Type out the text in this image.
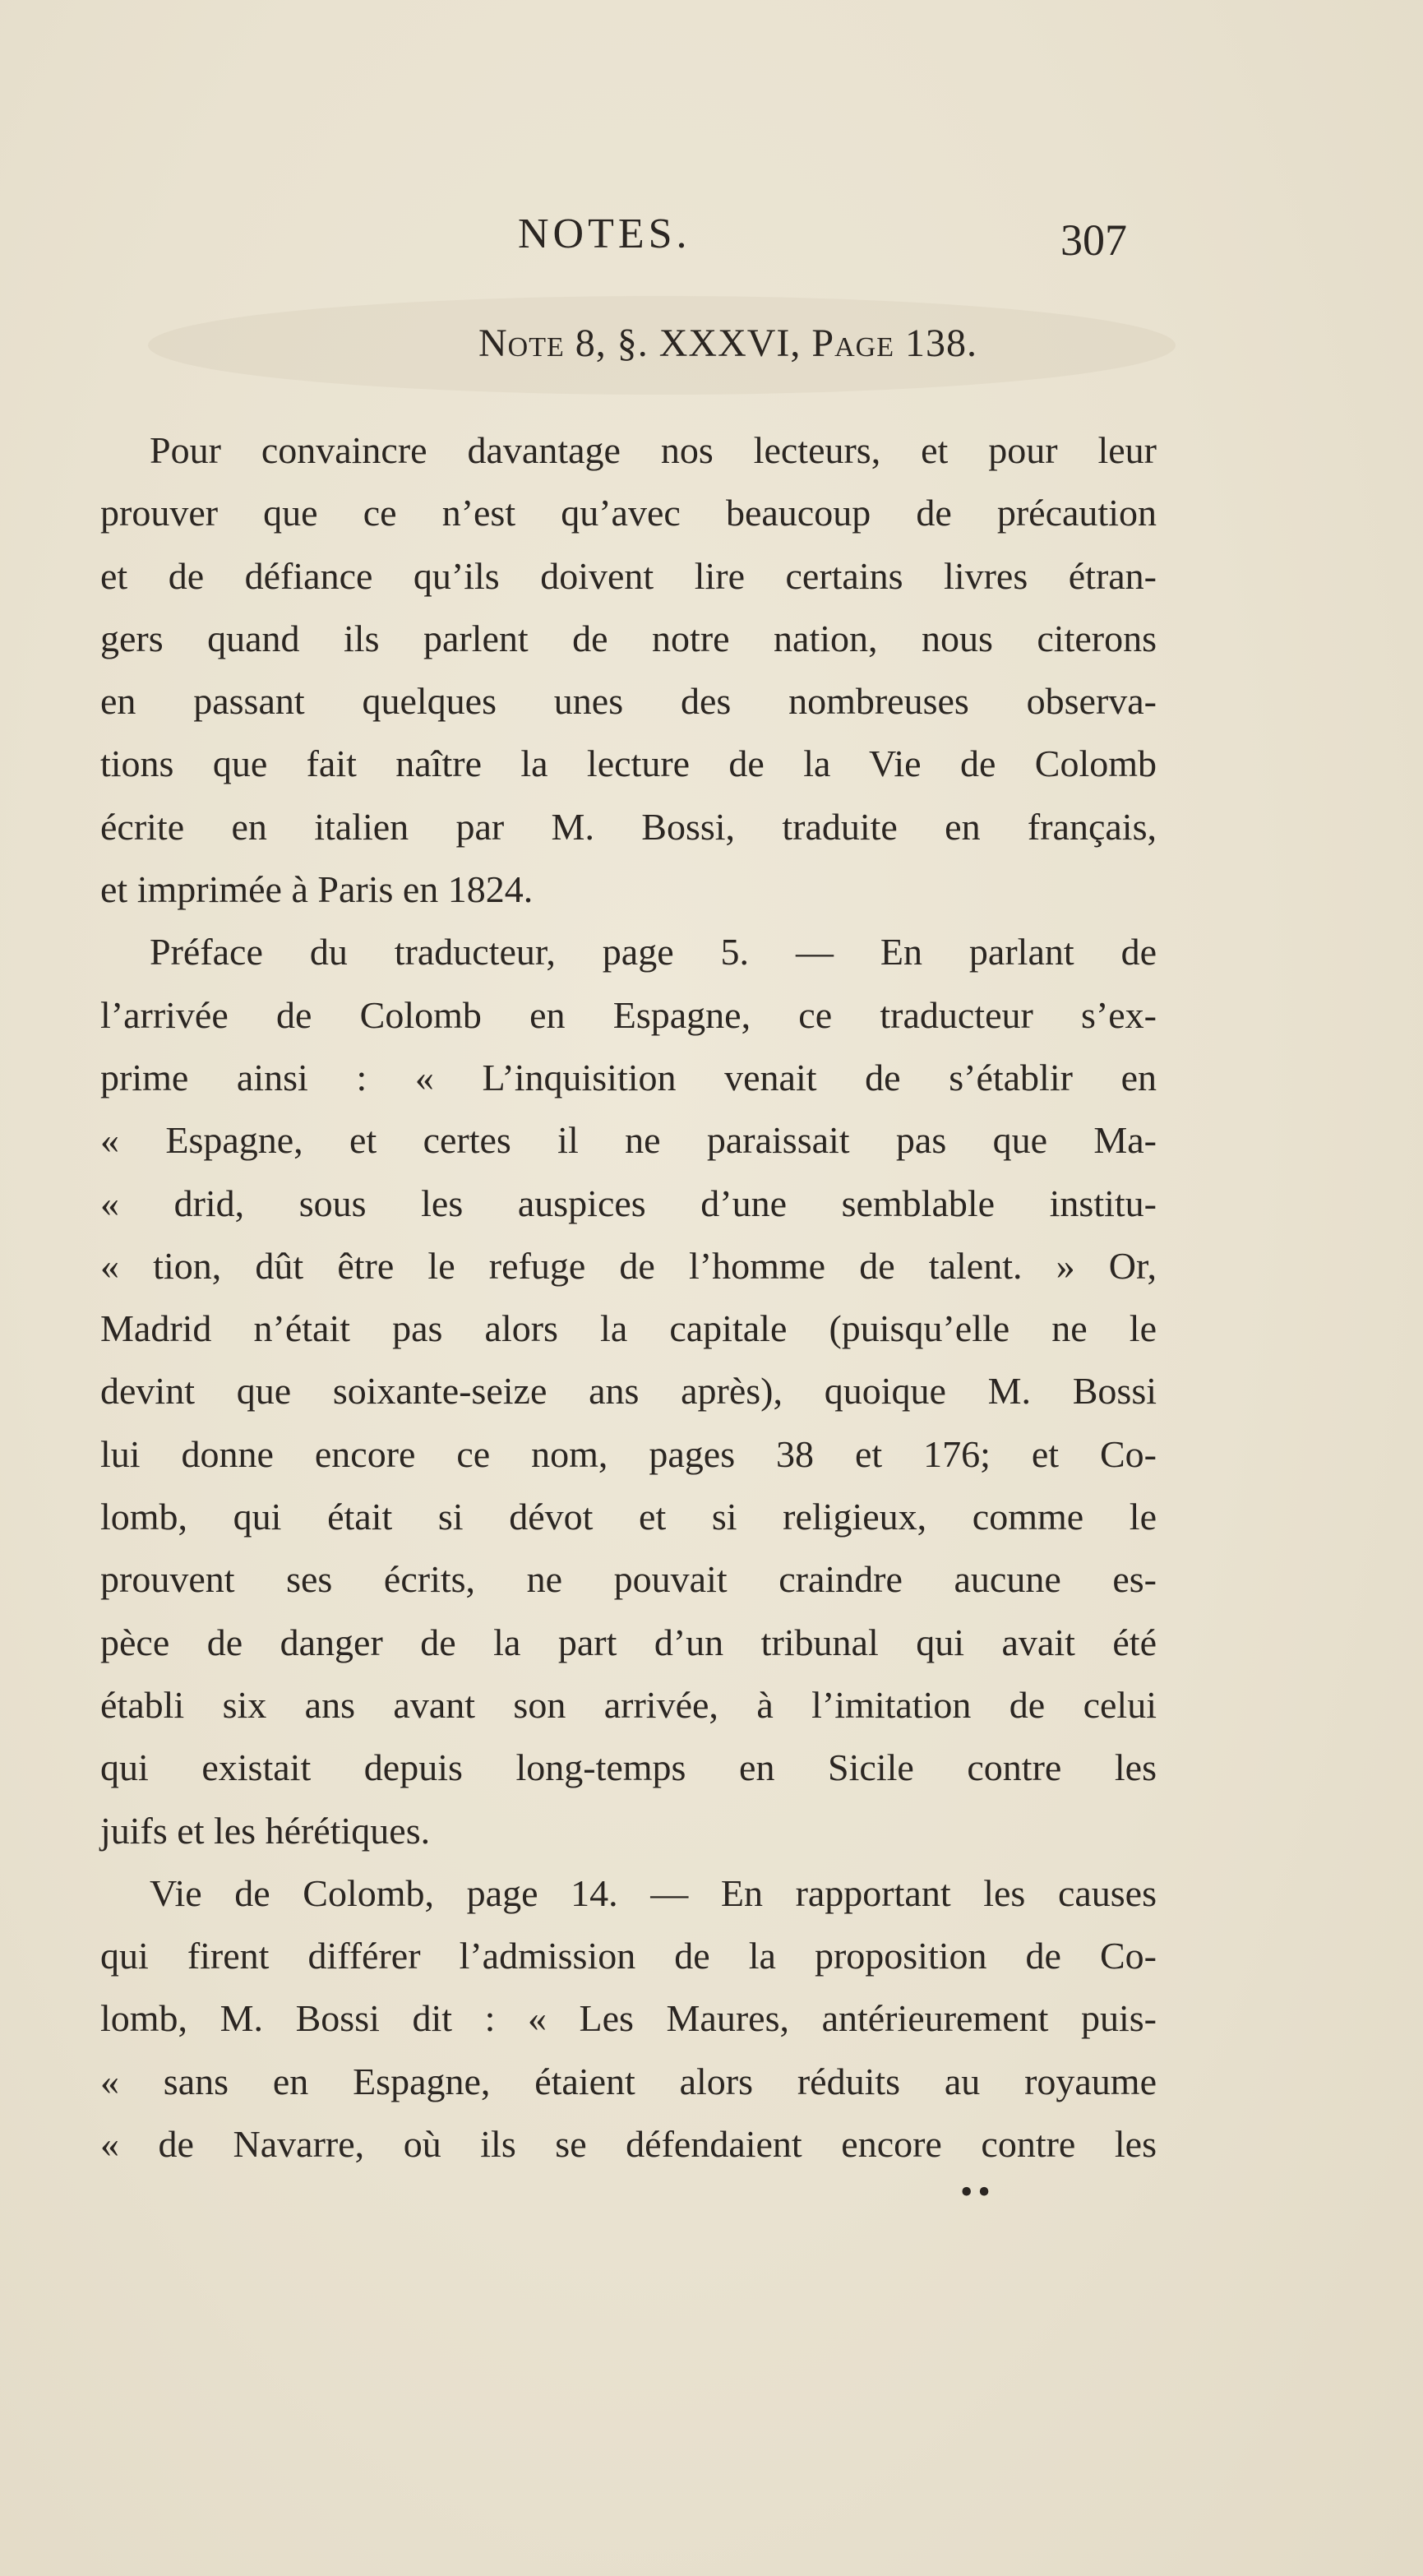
NOTES.	307
Note 8, §. XXXVI, Page 138.
Pour convaincre davantage nos lecteurs, et pour leur
prouver que ce n’est qu’avec beaucoup de précaution
et de défiance qu’ils doivent lire certains livres étran-
gers quand ils parlent de notre nation, nous citerons
en passant quelques unes des nombreuses observa-
tions que fait naître la lecture de la Vie de Colomb
écrite en italien par M. Bossi, traduite en français,
et imprimée à Paris en 1824.
Préface du traducteur, page 5. — En parlant de
l’arrivée de Colomb en Espagne, ce traducteur s’ex-
prime ainsi : « L’inquisition venait de s’établir en
« Espagne, et certes il ne paraissait pas que Ma-
« drid, sous les auspices d’une semblable institu-
« tion, dût être le refuge de l’homme de talent. » Or,
Madrid n’était pas alors la capitale (puisqu’elle ne le
devint que soixante-seize ans après), quoique M. Bossi
lui donne encore ce nom, pages 38 et 176; et Co-
lomb, qui était si dévot et si religieux, comme le
prouvent ses écrits, ne pouvait craindre aucune es-
pèce de danger de la part d’un tribunal qui avait été
établi six ans avant son arrivée, à l’imitation de celui
qui existait depuis long-temps en Sicile contre les
juifs et les hérétiques.
Vie de Colomb, page 14. — En rapportant les causes
qui firent différer l’admission de la proposition de Co-
lomb, M. Bossi dit : « Les Maures, antérieurement puis-
« sans en Espagne, étaient alors réduits au royaume
« de Navarre, où ils se défendaient encore contre les
••
